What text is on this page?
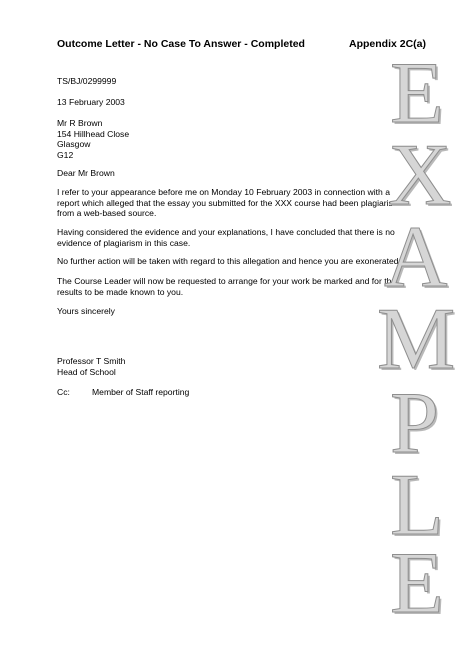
Outcome Letter - No Case To Answer - Completed	Appendix 2C(a)
TS/BJ/0299999
13 February 2003
Mr R Brown
154 Hillhead Close
Glasgow
G12
Dear Mr Brown
I refer to your appearance before me on Monday 10 February 2003 in connection with a
report which alleged that the essay you submitted for the XXX course had been plagiarised
from a web-based source.
Having considered the evidence and your explanations, I have concluded that there is no
evidence of plagiarism in this case.
No further action will be taken with regard to this allegation and hence you are exonerated.
The Course Leader will now be requested to arrange for your work be marked and for the
results to be made known to you.
Yours sincerely
Professor T Smith
Head of School
Cc:	Member of Staff reporting
E
X
A
M
P
L
E
